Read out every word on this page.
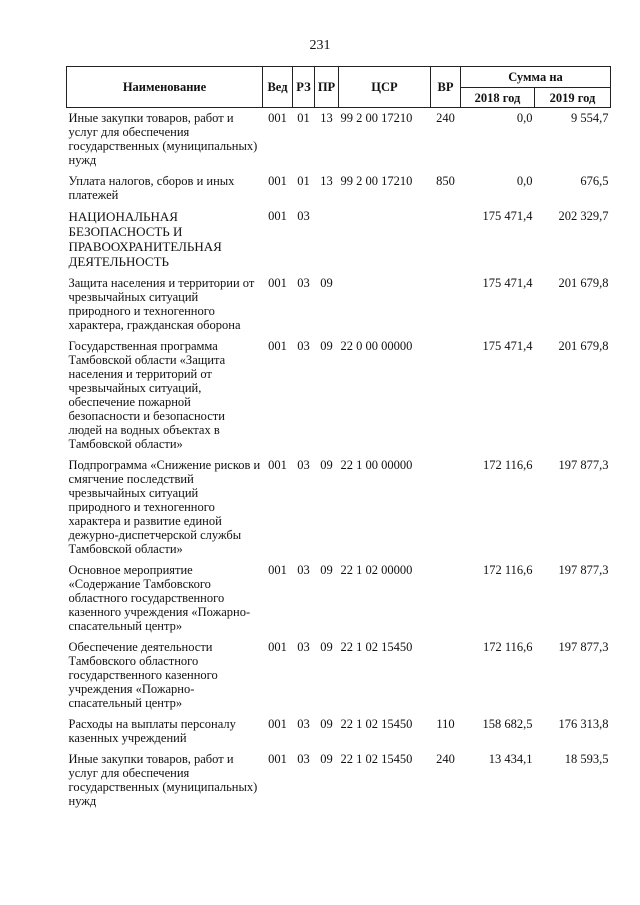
231
Наименование	Вед	РЗ	ПР	ЦСР	ВР	Сумма на	
						2018 год	2019 год
Иные закупки товаров, работ и услуг для обеспечения государственных (муниципальных) нужд	001	01	13	99 2 00 17210	240	0,0	9 554,7
Уплата налогов, сборов и иных платежей	001	01	13	99 2 00 17210	850	0,0	676,5
НАЦИОНАЛЬНАЯ БЕЗОПАСНОСТЬ И ПРАВООХРАНИТЕЛЬНАЯ ДЕЯТЕЛЬНОСТЬ	001	03				175 471,4	202 329,7
Защита населения и территории от чрезвычайных ситуаций природного и техногенного характера, гражданская оборона	001	03	09			175 471,4	201 679,8
Государственная программа Тамбовской области «Защита населения и территорий от чрезвычайных ситуаций, обеспечение пожарной безопасности и безопасности людей на водных объектах в Тамбовской области»	001	03	09	22 0 00 00000		175 471,4	201 679,8
Подпрограмма «Снижение рисков и смягчение последствий чрезвычайных ситуаций природного и техногенного характера и развитие единой дежурно-диспетчерской службы Тамбовской области»	001	03	09	22 1 00 00000		172 116,6	197 877,3
Основное мероприятие «Содержание Тамбовского областного государственного казенного учреждения «Пожарно-спасательный центр»	001	03	09	22 1 02 00000		172 116,6	197 877,3
Обеспечение деятельности Тамбовского областного государственного казенного учреждения «Пожарно-спасательный центр»	001	03	09	22 1 02 15450		172 116,6	197 877,3
Расходы на выплаты персоналу казенных учреждений	001	03	09	22 1 02 15450	110	158 682,5	176 313,8
Иные закупки товаров, работ и услуг для обеспечения государственных (муниципальных) нужд	001	03	09	22 1 02 15450	240	13 434,1	18 593,5
